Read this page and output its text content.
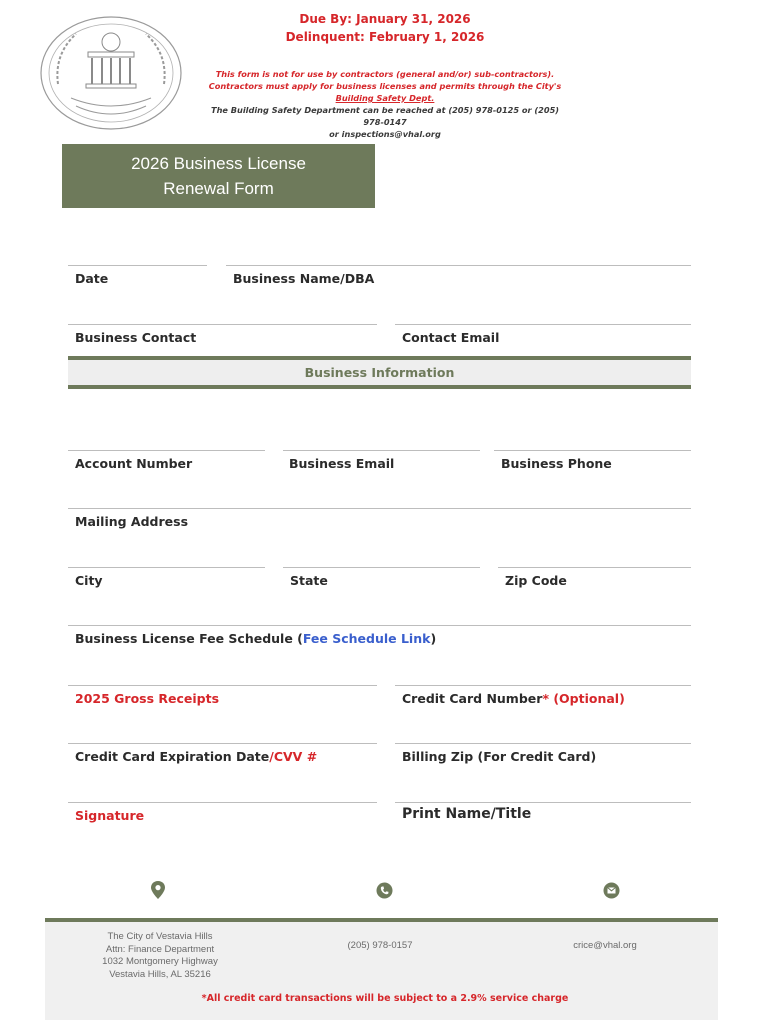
Due By: January 31, 2026
Delinquent: February 1, 2026
This form is not for use by contractors (general and/or) sub-contractors). Contractors must apply for business licenses and permits through the City's Building Safety Dept.
The Building Safety Department can be reached at (205) 978-0125 or (205) 978-0147
or inspections@vhal.org
2026 Business License Renewal Form
Date	Business Name/DBA
Business Contact	Contact Email
Business Information
Account Number	Business Email	Business Phone
Mailing Address
City	State	Zip Code
Business License Fee Schedule (Fee Schedule Link)
2025 Gross Receipts	Credit Card Number* (Optional)
Credit Card Expiration Date/CVV #	Billing Zip (For Credit Card)
Signature	Print Name/Title
The City of Vestavia Hills
Attn: Finance Department
1032 Montgomery Highway
Vestavia Hills, AL 35216
(205) 978-0157	crice@vhal.org
*All credit card transactions will be subject to a 2.9% service charge
